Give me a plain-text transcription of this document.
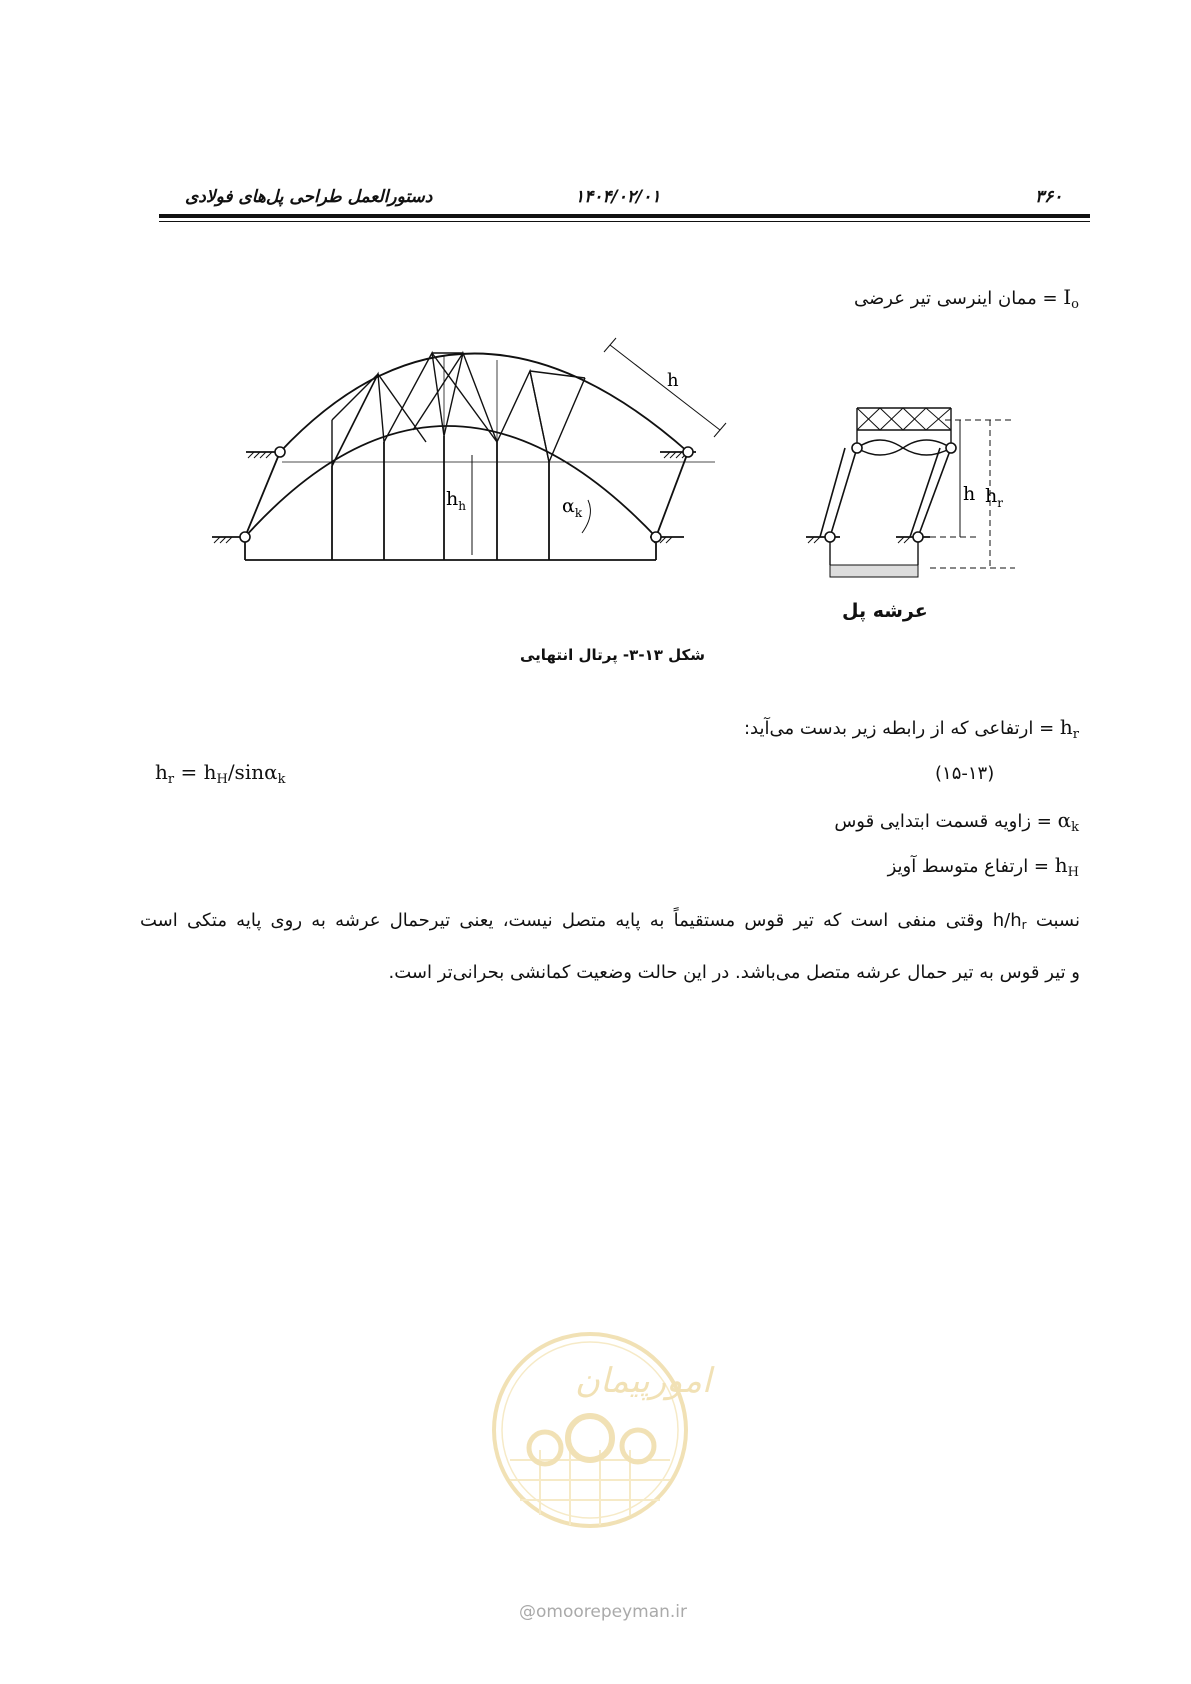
۳۶۰
۱۴۰۴/۰۲/۰۱
دستورالعمل طراحی پل‌های فولادی
$I_o$ = ممان اینرسی تیر عرضی
h
$h_h$	$\alpha_k$
h $h_r$
عرشه پل
شکل ۱۳-۳- پرتال انتهایی
$h_r$ = ارتفاعی که از رابطه زیر بدست می‌آید:
$h_r = h_H/\sin\alpha_k$	(۱۵-۱۳)
$\alpha_k$ = زاویه قسمت ابتدایی قوس
$h_H$ = ارتفاع متوسط آویز
نسبت h/hr وقتی منفی است که تیر قوس مستقیماً به پایه متصل نیست، یعنی تیرحمال عرشه به روی پایه متکی است
و تیر قوس به تیر حمال عرشه متصل می‌باشد. در این حالت وضعیت کمانشی بحرانی‌تر است.
امورپیمان
@omoorepeyman.ir
